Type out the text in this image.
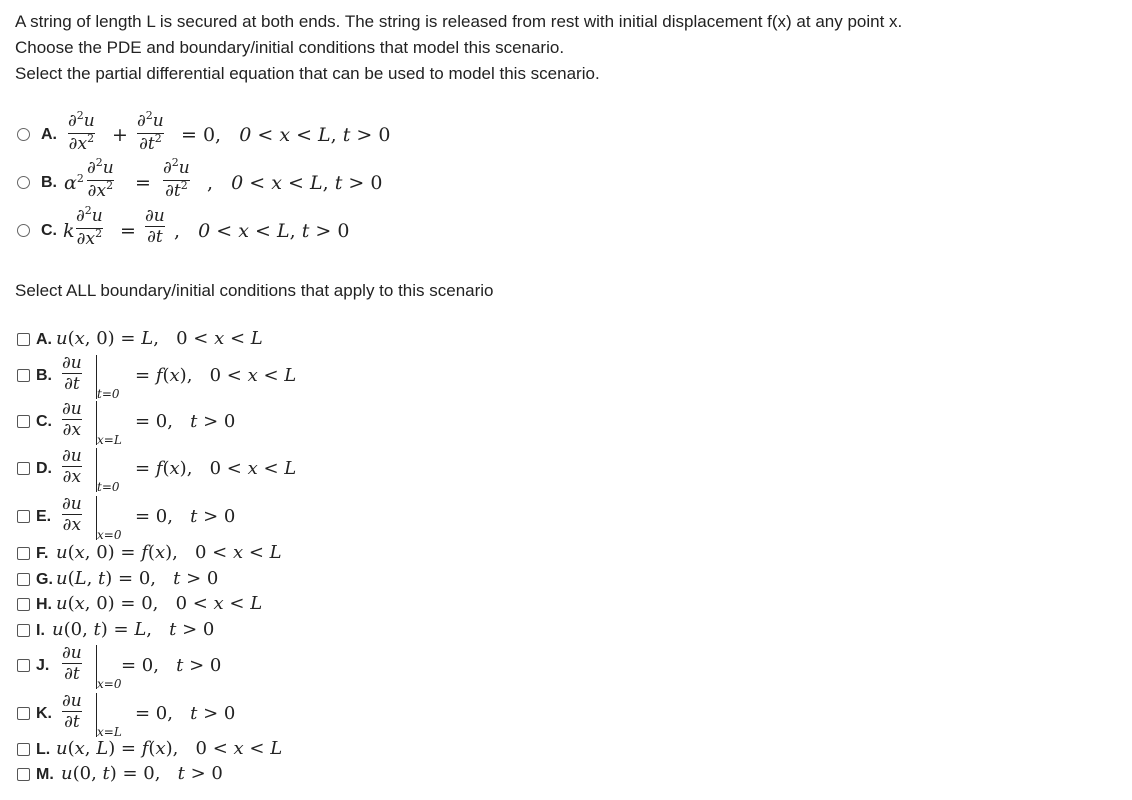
A string of length L is secured at both ends. The string is released from rest with initial displacement f(x) at any point x.

Choose the PDE and boundary/initial conditions that model this scenario.

Select the partial differential equation that can be used to model this scenario.

A.
∂$^2$u
$\partial x^2$ +
∂$^2$u
$\partial t^2 = 0$,   0 < x < L, t > 0
B. $\alpha^2$
∂$^2$u
$\partial x^2$ =
∂$^2$u
$\partial t^2$ ,   0 < x < L, t > 0
C. k
∂$^2$u
$\partial x^2$ =
∂u
∂t ,   0 < x < L, t > 0

Select ALL boundary/initial conditions that apply to this scenario

A. u(x, 0) = L,   0 < x < L
B.
∂u
∂t t=0
= f(x),   0 < x < L
C.
∂u
∂x x=L
= 0,   t > 0
D.
∂u
∂x t=0
= f(x),   0 < x < L
E.
∂u
∂x x=0
= 0,   t > 0
F. u(x, 0) = f(x),   0 < x < L
G. u(L, t) = 0,   t > 0
H. u(x, 0) = 0,   0 < x < L
I. u(0, t) = L,   t > 0
J.
∂u
∂t x=0
= 0,   t > 0
K.
∂u
∂t x=L
= 0,   t > 0
L. u(x, L) = f(x),   0 < x < L
M. u(0, t) = 0,   t > 0
